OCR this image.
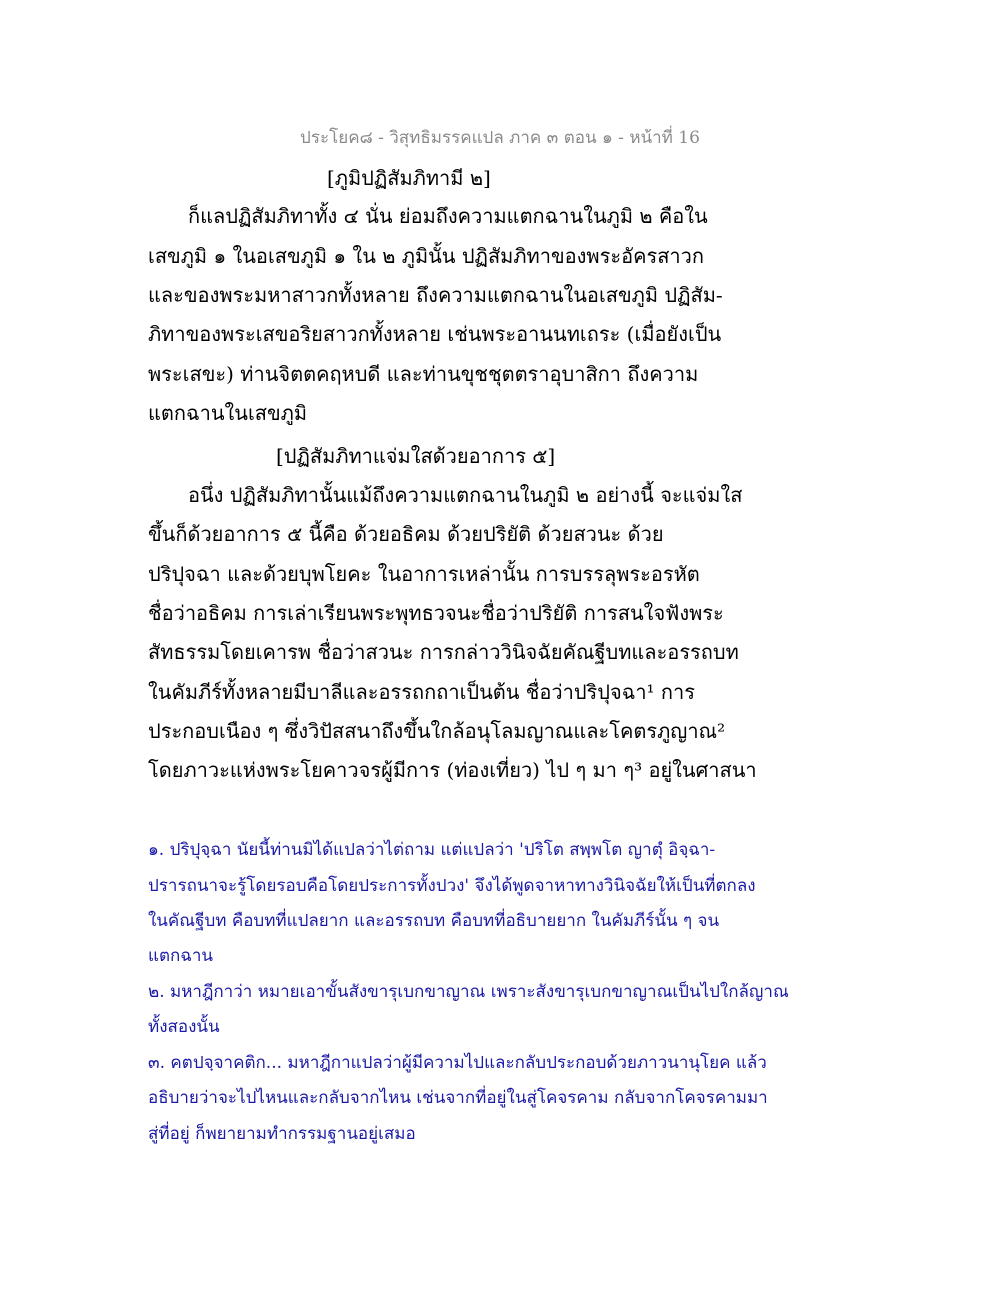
ประโยค๘ - วิสุทธิมรรคแปล ภาค ๓ ตอน ๑ - หน้าที่ 16
[ภูมิปฏิสัมภิทามี ๒]
ก็แลปฏิสัมภิทาทั้ง ๔ นั่น ย่อมถึงความแตกฉานในภูมิ ๒ คือใน
เสขภูมิ ๑ ในอเสขภูมิ ๑ ใน ๒ ภูมินั้น ปฏิสัมภิทาของพระอัครสาวก
และของพระมหาสาวกทั้งหลาย ถึงความแตกฉานในอเสขภูมิ ปฏิสัม-
ภิทาของพระเสขอริยสาวกทั้งหลาย เช่นพระอานนทเถระ (เมื่อยังเป็น
พระเสขะ) ท่านจิตตคฤหบดี และท่านขุชชุตตราอุบาสิกา ถึงความ
แตกฉานในเสขภูมิ
[ปฏิสัมภิทาแจ่มใสด้วยอาการ ๕]
อนึ่ง ปฏิสัมภิทานั้นแม้ถึงความแตกฉานในภูมิ ๒ อย่างนี้ จะแจ่มใส
ขึ้นก็ด้วยอาการ ๕ นี้คือ ด้วยอธิคม ด้วยปริยัติ ด้วยสวนะ ด้วย
ปริปุจฉา และด้วยบุพโยคะ ในอาการเหล่านั้น การบรรลุพระอรหัต
ชื่อว่าอธิคม การเล่าเรียนพระพุทธวจนะชื่อว่าปริยัติ การสนใจฟังพระ
สัทธรรมโดยเคารพ ชื่อว่าสวนะ การกล่าววินิจฉัยคัณฐีบทและอรรถบท
ในคัมภีร์ทั้งหลายมีบาลีและอรรถกถาเป็นต้น ชื่อว่าปริปุจฉา¹ การ
ประกอบเนือง ๆ ซึ่งวิปัสสนาถึงขึ้นใกล้อนุโลมญาณและโคตรภูญาณ²
โดยภาวะแห่งพระโยคาวจรผู้มีการ (ท่องเที่ยว) ไป ๆ มา ๆ³ อยู่ในศาสนา
๑. ปริปุจฺฉา นัยนี้ท่านมิได้แปลว่าไต่ถาม แต่แปลว่า 'ปริโต สพฺพโต ญาตุํ อิจฺฉา-
ปรารถนาจะรู้โดยรอบคือโดยประการทั้งปวง' จึงได้พูดจาหาทางวินิจฉัยให้เป็นที่ตกลง
ในคัณฐีบท คือบทที่แปลยาก และอรรถบท คือบทที่อธิบายยาก ในคัมภีร์นั้น ๆ จน
แตกฉาน
๒. มหาฎีกาว่า หมายเอาขั้นสังขารุเบกขาญาณ เพราะสังขารุเบกขาญาณเป็นไปใกล้ญาณ
ทั้งสองนั้น
๓. คตปจฺจาคติก... มหาฎีกาแปลว่าผู้มีความไปและกลับประกอบด้วยภาวนานุโยค แล้ว
อธิบายว่าจะไปไหนและกลับจากไหน เช่นจากที่อยู่ในสู่โคจรคาม กลับจากโคจรคามมา
สู่ที่อยู่ ก็พยายามทำกรรมฐานอยู่เสมอ
